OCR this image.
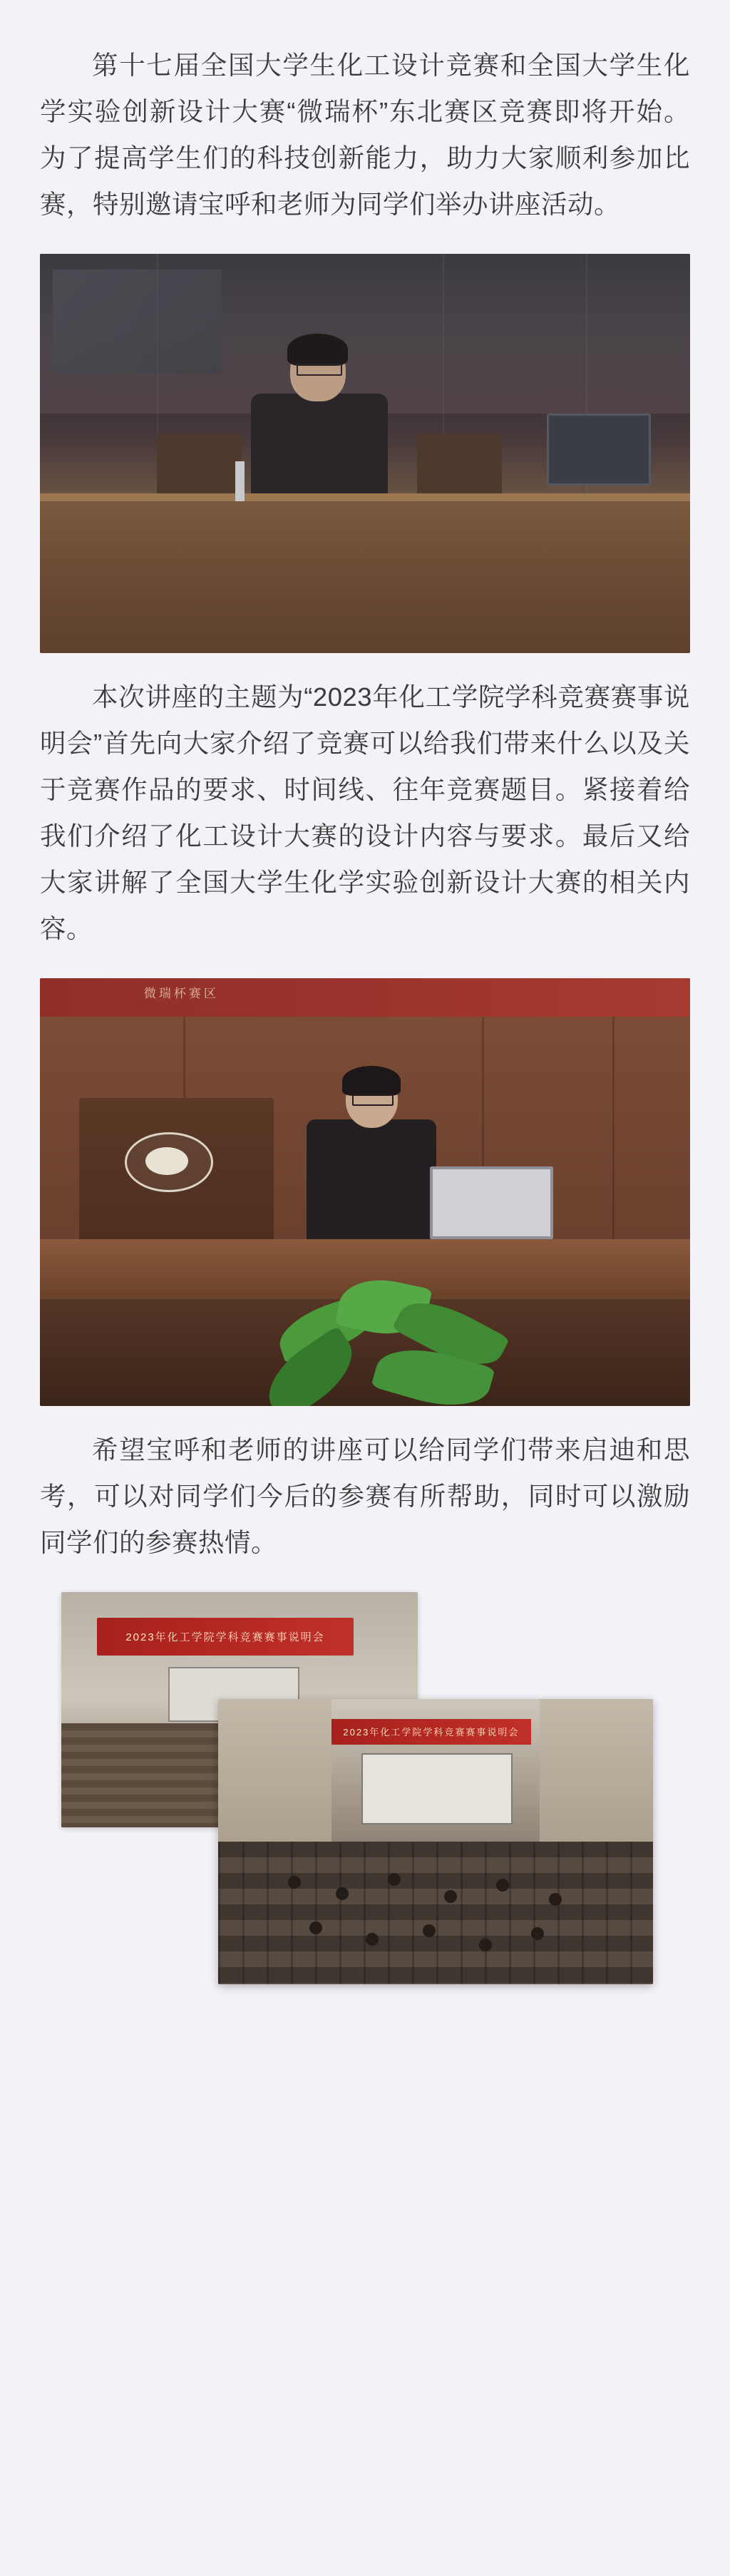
第十七届全国大学生化工设计竞赛和全国大学生化学实验创新设计大赛“微瑞杯”东北赛区竞赛即将开始。为了提高学生们的科技创新能力，助力大家顺利参加比赛，特别邀请宝呼和老师为同学们举办讲座活动。

本次讲座的主题为“2023年化工学院学科竞赛赛事说明会”首先向大家介绍了竞赛可以给我们带来什么以及关于竞赛作品的要求、时间线、往年竞赛题目。紧接着给我们介绍了化工设计大赛的设计内容与要求。最后又给大家讲解了全国大学生化学实验创新设计大赛的相关内容。

微瑞杯赛区

希望宝呼和老师的讲座可以给同学们带来启迪和思考，可以对同学们今后的参赛有所帮助，同时可以激励同学们的参赛热情。

2023年化工学院学科竞赛赛事说明会
2023年化工学院学科竞赛赛事说明会
